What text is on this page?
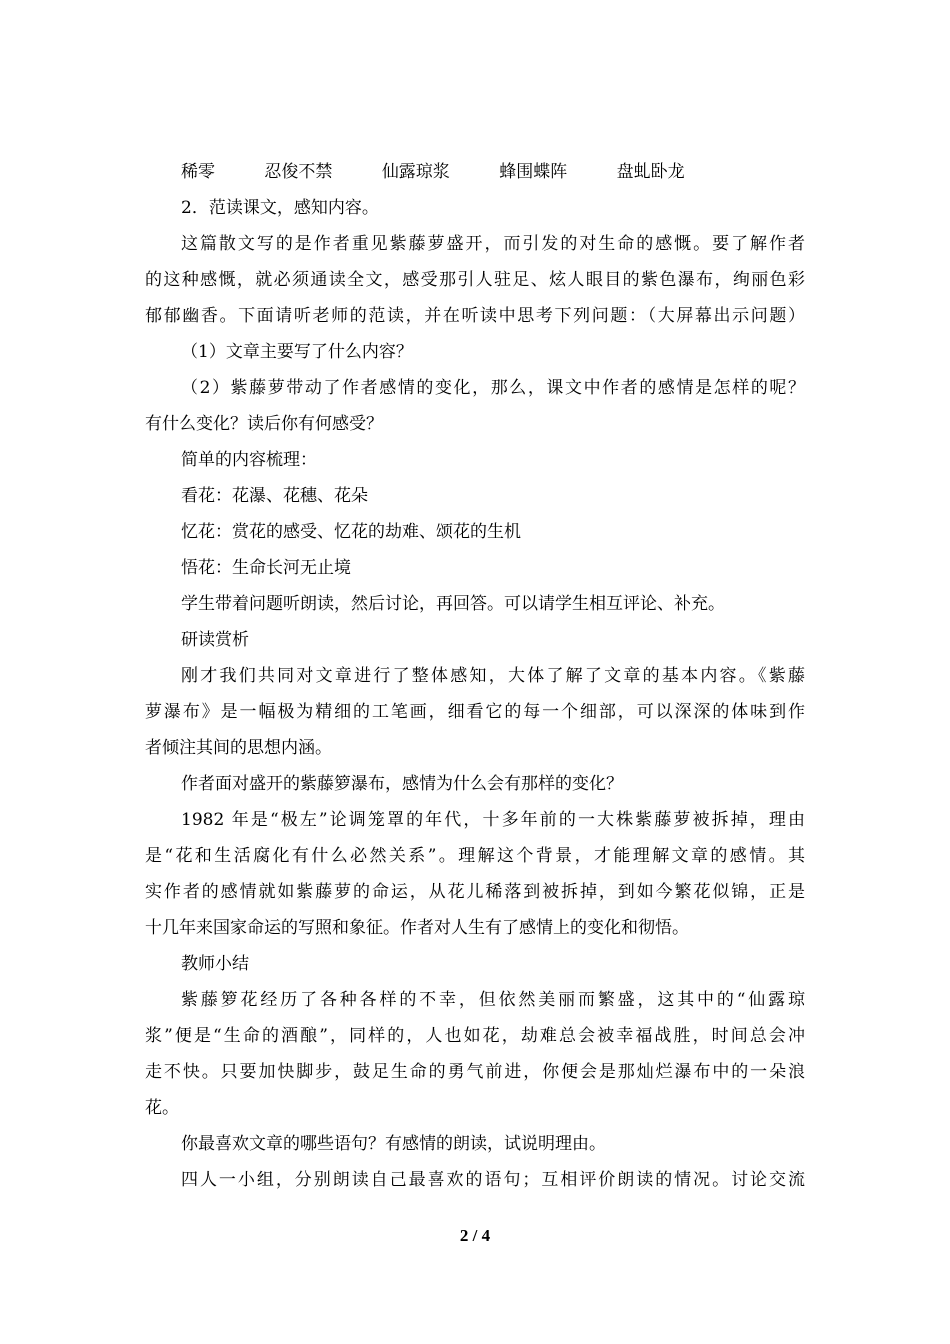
稀零	忍俊不禁	仙露琼浆	蜂围蝶阵	盘虬卧龙
2．范读课文，感知内容。
这篇散文写的是作者重见紫藤萝盛开，而引发的对生命的感慨。要了解作者
的这种感慨，就必须通读全文，感受那引人驻足、炫人眼目的紫色瀑布，绚丽色彩
郁郁幽香。下面请听老师的范读，并在听读中思考下列问题：（大屏幕出示问题）
（1）文章主要写了什么内容？
（2）紫藤萝带动了作者感情的变化，那么，课文中作者的感情是怎样的呢？
有什么变化？读后你有何感受？
简单的内容梳理：
看花：花瀑、花穗、花朵
忆花：赏花的感受、忆花的劫难、颂花的生机
悟花：生命长河无止境
学生带着问题听朗读，然后讨论，再回答。可以请学生相互评论、补充。
研读赏析
刚才我们共同对文章进行了整体感知，大体了解了文章的基本内容。《紫藤
萝瀑布》是一幅极为精细的工笔画，细看它的每一个细部，可以深深的体味到作
者倾注其间的思想内涵。
作者面对盛开的紫藤箩瀑布，感情为什么会有那样的变化？
1982 年是“极左”论调笼罩的年代，十多年前的一大株紫藤萝被拆掉，理由
是“花和生活腐化有什么必然关系”。理解这个背景，才能理解文章的感情。其
实作者的感情就如紫藤萝的命运，从花儿稀落到被拆掉，到如今繁花似锦，正是
十几年来国家命运的写照和象征。作者对人生有了感情上的变化和彻悟。
教师小结
紫藤箩花经历了各种各样的不幸，但依然美丽而繁盛，这其中的“仙露琼
浆”便是“生命的酒酿”，同样的，人也如花，劫难总会被幸福战胜，时间总会冲
走不快。只要加快脚步，鼓足生命的勇气前进，你便会是那灿烂瀑布中的一朵浪
花。
你最喜欢文章的哪些语句？有感情的朗读，试说明理由。
四人一小组，分别朗读自己最喜欢的语句；互相评价朗读的情况。讨论交流
2 / 4
